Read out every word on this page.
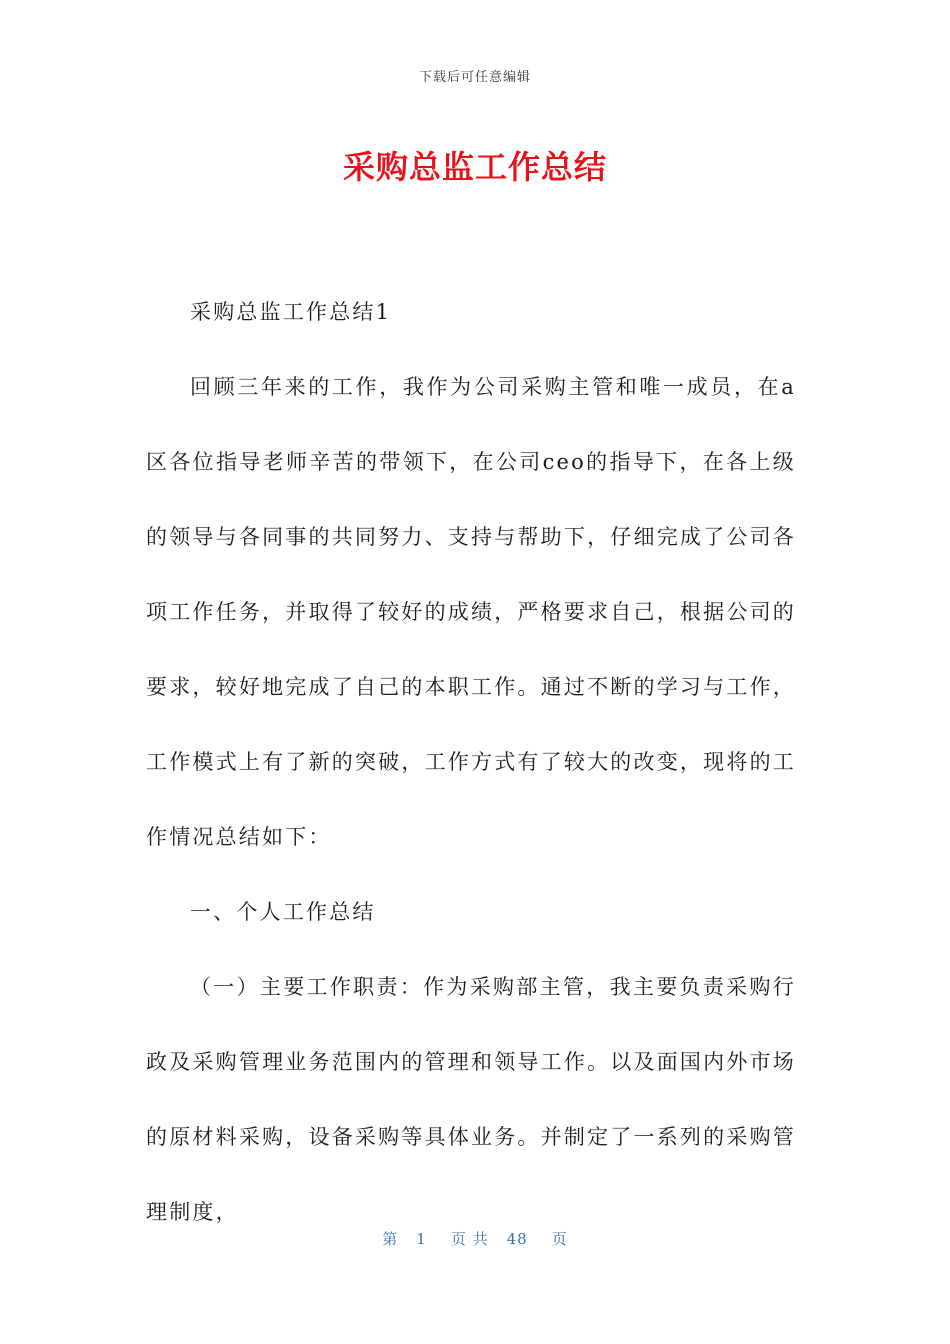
下载后可任意编辑
采购总监工作总结

采购总监工作总结1

回顾三年来的工作，我作为公司采购主管和唯一成员，在a区各位指导老师辛苦的带领下，在公司ceo的指导下，在各上级的领导与各同事的共同努力、支持与帮助下，仔细完成了公司各项工作任务，并取得了较好的成绩，严格要求自己，根据公司的要求，较好地完成了自己的本职工作。通过不断的学习与工作，工作模式上有了新的突破，工作方式有了较大的改变，现将的工作情况总结如下：

一、个人工作总结

（一）主要工作职责：作为采购部主管，我主要负责采购行政及采购管理业务范围内的管理和领导工作。以及面国内外市场的原材料采购，设备采购等具体业务。并制定了一系列的采购管理制度，

第 1 页 共 48 页
